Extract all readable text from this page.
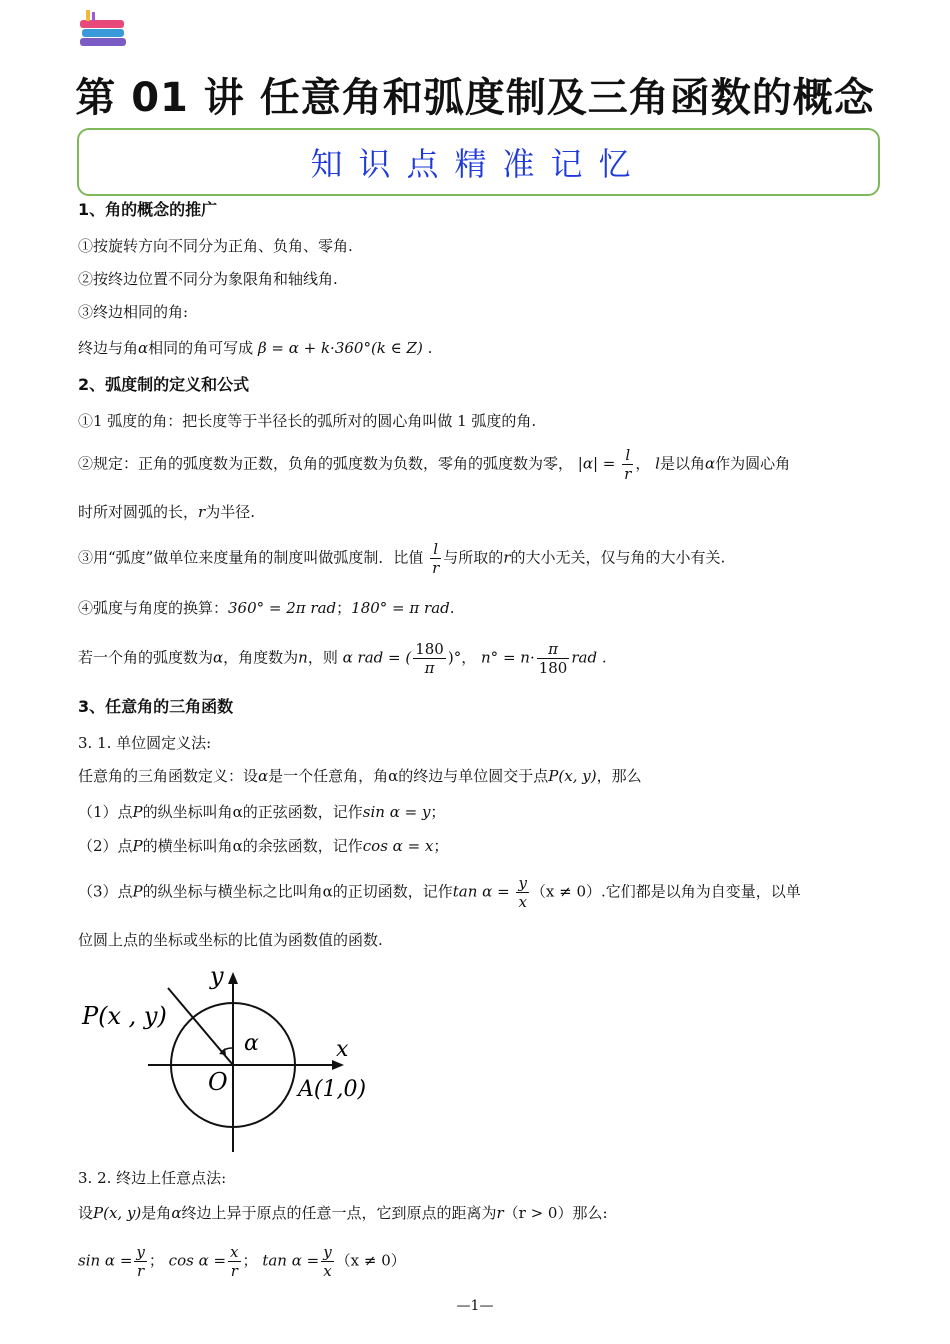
第 01 讲 任意角和弧度制及三角函数的概念
知识点精准记忆
1、角的概念的推广
①按旋转方向不同分为正角、负角、零角.
②按终边位置不同分为象限角和轴线角.
③终边相同的角:
终边与角α相同的角可写成 β = α + k·360°(k ∈ Z) .
2、弧度制的定义和公式
①1 弧度的角：把长度等于半径长的弧所对的圆心角叫做 1 弧度的角.
②规定：正角的弧度数为正数，负角的弧度数为负数，零角的弧度数为零， $|\alpha| = \frac{l}{r}$ ， l是以角α作为圆心角
时所对圆弧的长，r为半径.
③用“弧度”做单位来度量角的制度叫做弧度制．比值 $\frac{l}{r}$ 与所取的r的大小无关，仅与角的大小有关.
④弧度与角度的换算：360° = 2π rad；180° = π rad.
若一个角的弧度数为α，角度数为n，则 α rad = ( $\frac{180}{\pi}$ )°， $n^\circ = n\cdot \frac{\pi}{180}$ rad .
3、任意角的三角函数
3. 1. 单位圆定义法:
任意角的三角函数定义：设α是一个任意角，角α的终边与单位圆交于点P(x, y)，那么
（1）点P的纵坐标叫角α的正弦函数，记作sin α = y；
（2）点P的横坐标叫角α的余弦函数，记作cos α = x；
（3）点P的纵坐标与横坐标之比叫角α的正切函数，记作$\tan \alpha = \frac{y}{x} (x \ne 0)$.它们都是以角为自变量，以单
位圆上点的坐标或坐标的比值为函数值的函数.
y
x
P(x , y)
α
O	A(1,0)
3. 2. 终边上任意点法:
设P(x, y)是角α终边上异于原点的任意一点，它到原点的距离为r（r > 0）那么:
$\sin \alpha = \frac{y}{r}$ ； $\cos \alpha = \frac{x}{r}$ ； $\tan \alpha = \frac{y}{x} (x \ne 0)$
—1—
